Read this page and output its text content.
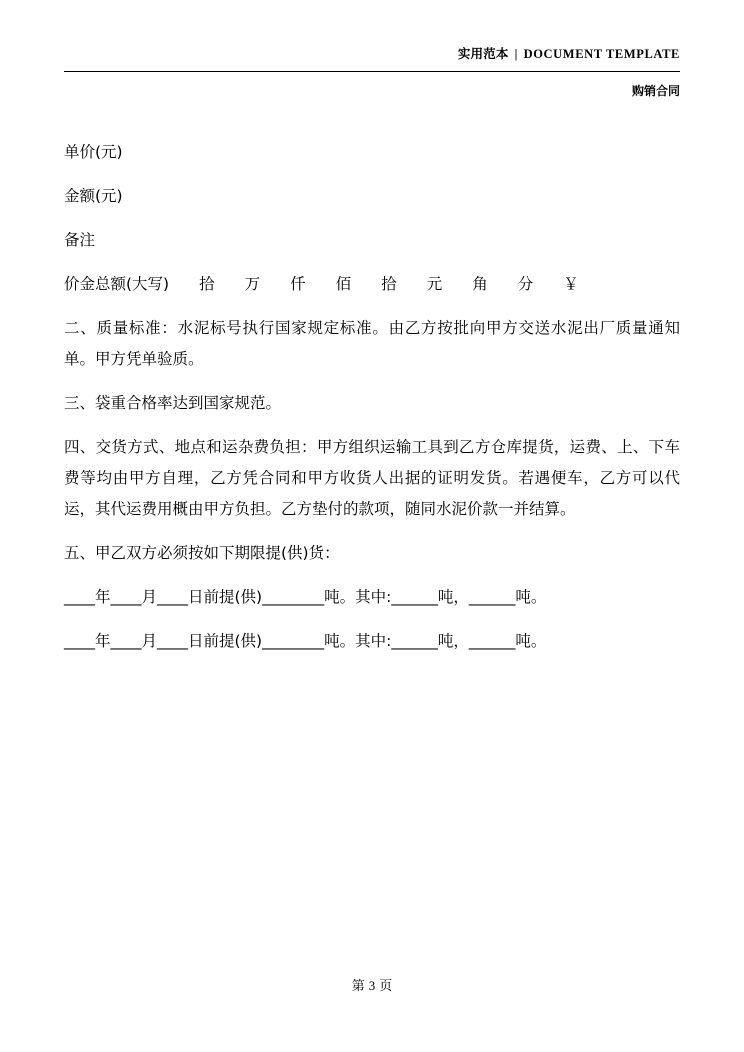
实用范本 | DOCUMENT TEMPLATE
购销合同

单价(元)

金额(元)

备注

价金总额(大写) 拾 万 仟 佰 拾 元 角 分 ￥

二、质量标准：水泥标号执行国家规定标准。由乙方按批向甲方交送水泥出厂质量通知单。甲方凭单验质。

三、袋重合格率达到国家规范。

四、交货方式、地点和运杂费负担：甲方组织运输工具到乙方仓库提货，运费、上、下车费等均由甲方自理，乙方凭合同和甲方收货人出据的证明发货。若遇便车，乙方可以代运，其代运费用概由甲方负担。乙方垫付的款项，随同水泥价款一并结算。

五、甲乙双方必须按如下期限提(供)货：

____年____月____日前提(供)________吨。其中:______吨，______吨。

____年____月____日前提(供)________吨。其中:______吨，______吨。

第 3 页
